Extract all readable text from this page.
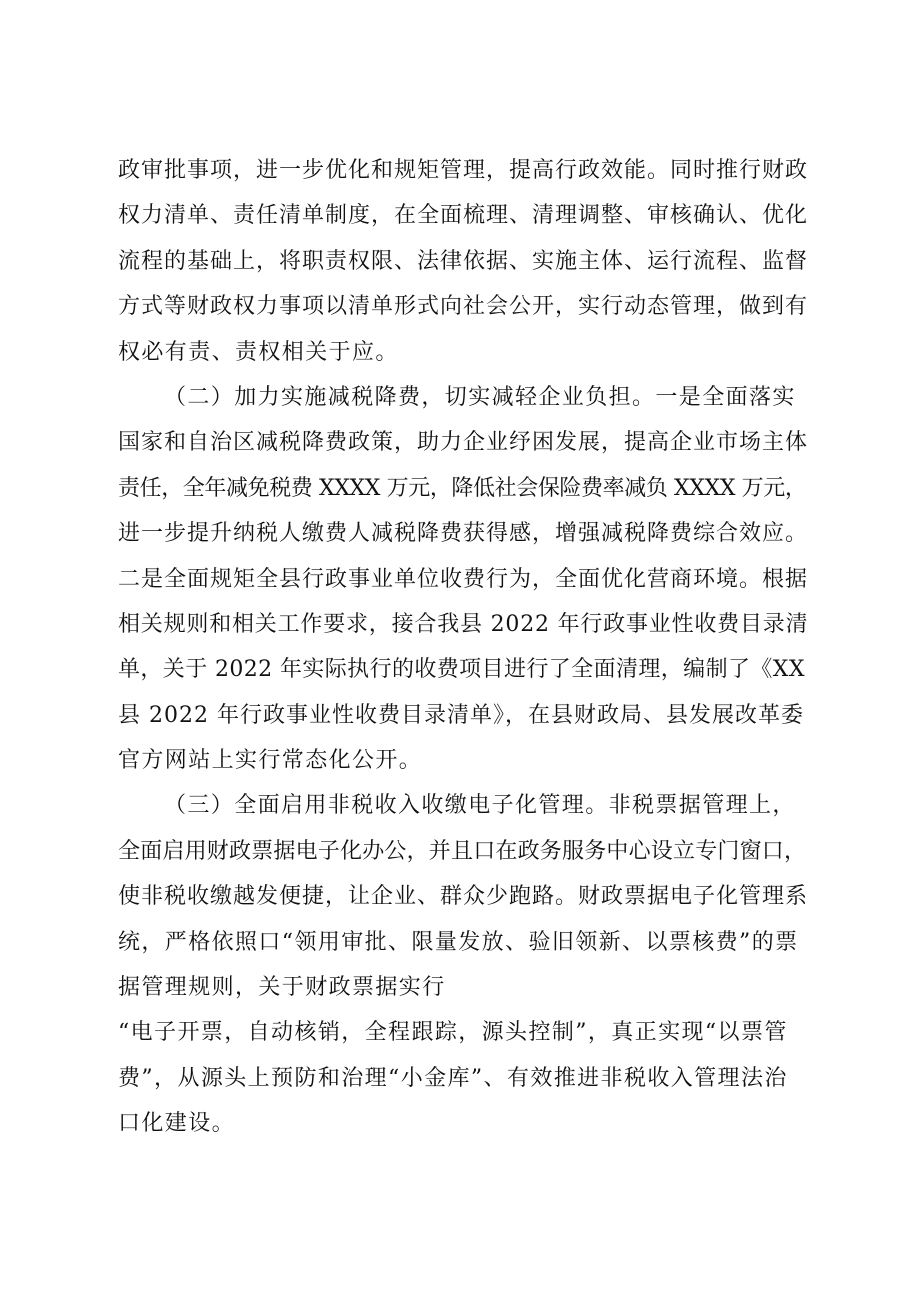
政审批事项，进一步优化和规矩管理，提高行政效能。同时推行财政
权力清单、责任清单制度，在全面梳理、清理调整、审核确认、优化
流程的基础上，将职责权限、法律依据、实施主体、运行流程、监督
方式等财政权力事项以清单形式向社会公开，实行动态管理，做到有
权必有责、责权相关于应。
（二）加力实施减税降费，切实减轻企业负担。一是全面落实
国家和自治区减税降费政策，助力企业纾困发展，提高企业市场主体
责任，全年减免税费 XXXX 万元，降低社会保险费率减负 XXXX 万元，
进一步提升纳税人缴费人减税降费获得感，增强减税降费综合效应。
二是全面规矩全县行政事业单位收费行为，全面优化营商环境。根据
相关规则和相关工作要求，接合我县 2022 年行政事业性收费目录清
单，关于 2022 年实际执行的收费项目进行了全面清理，编制了《XX
县 2022 年行政事业性收费目录清单》，在县财政局、县发展改革委
官方网站上实行常态化公开。
（三）全面启用非税收入收缴电子化管理。非税票据管理上，
全面启用财政票据电子化办公，并且口在政务服务中心设立专门窗口，
使非税收缴越发便捷，让企业、群众少跑路。财政票据电子化管理系
统，严格依照口“领用审批、限量发放、验旧领新、以票核费”的票
据管理规则，关于财政票据实行
“电子开票，自动核销，全程跟踪，源头控制”，真正实现“以票管
费”，从源头上预防和治理“小金库”、有效推进非税收入管理法治
口化建设。
